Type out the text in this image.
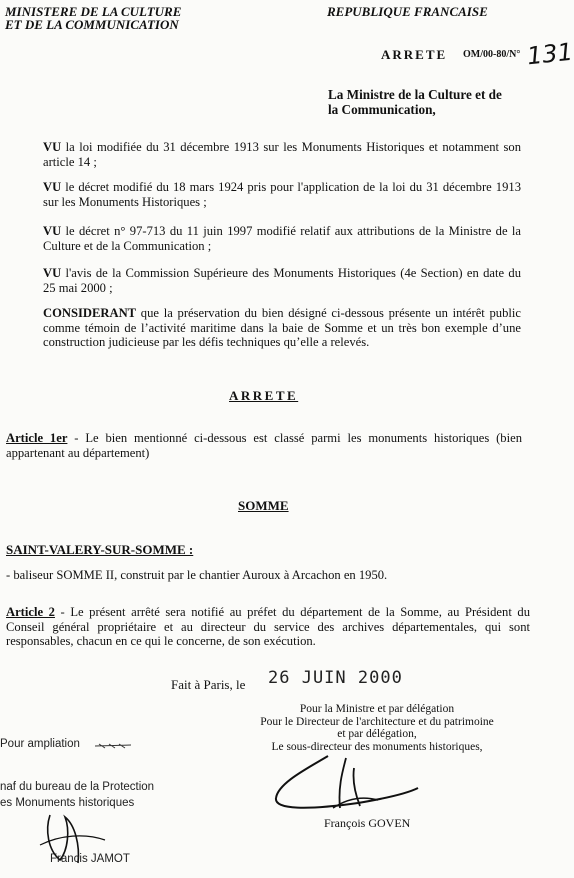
MINISTERE DE LA CULTURE
ET DE LA COMMUNICATION
REPUBLIQUE FRANCAISE
ARRETE OM/00-80/N° 131
La Ministre de la Culture et de
la Communication,
VU la loi modifiée du 31 décembre 1913 sur les Monuments Historiques et notamment son article 14 ;
VU le décret modifié du 18 mars 1924 pris pour l'application de la loi du 31 décembre 1913 sur les Monuments Historiques ;
VU le décret n° 97-713 du 11 juin 1997 modifié relatif aux attributions de la Ministre de la Culture et de la Communication ;
VU l'avis de la Commission Supérieure des Monuments Historiques (4e Section) en date du 25 mai 2000 ;
CONSIDERANT que la préservation du bien désigné ci-dessous présente un intérêt public comme témoin de l’activité maritime dans la baie de Somme et un très bon exemple d’une construction judicieuse par les défis techniques qu’elle a relevés.
ARRETE
Article 1er - Le bien mentionné ci-dessous est classé parmi les monuments historiques (bien appartenant au département)
SOMME
SAINT-VALERY-SUR-SOMME :
- baliseur SOMME II, construit par le chantier Auroux à Arcachon en 1950.
Article 2 - Le présent arrêté sera notifié au préfet du département de la Somme, au Président du Conseil général propriétaire et au directeur du service des archives départementales, qui sont responsables, chacun en ce qui le concerne, de son exécution.
Fait à Paris, le 26 JUIN 2000
Pour la Ministre et par délégation
Pour le Directeur de l'architecture et du patrimoine
et par délégation,
Le sous-directeur des monuments historiques,
François GOVEN
Pour ampliation
naf du bureau de la Protection
es Monuments historiques
Francis JAMOT
